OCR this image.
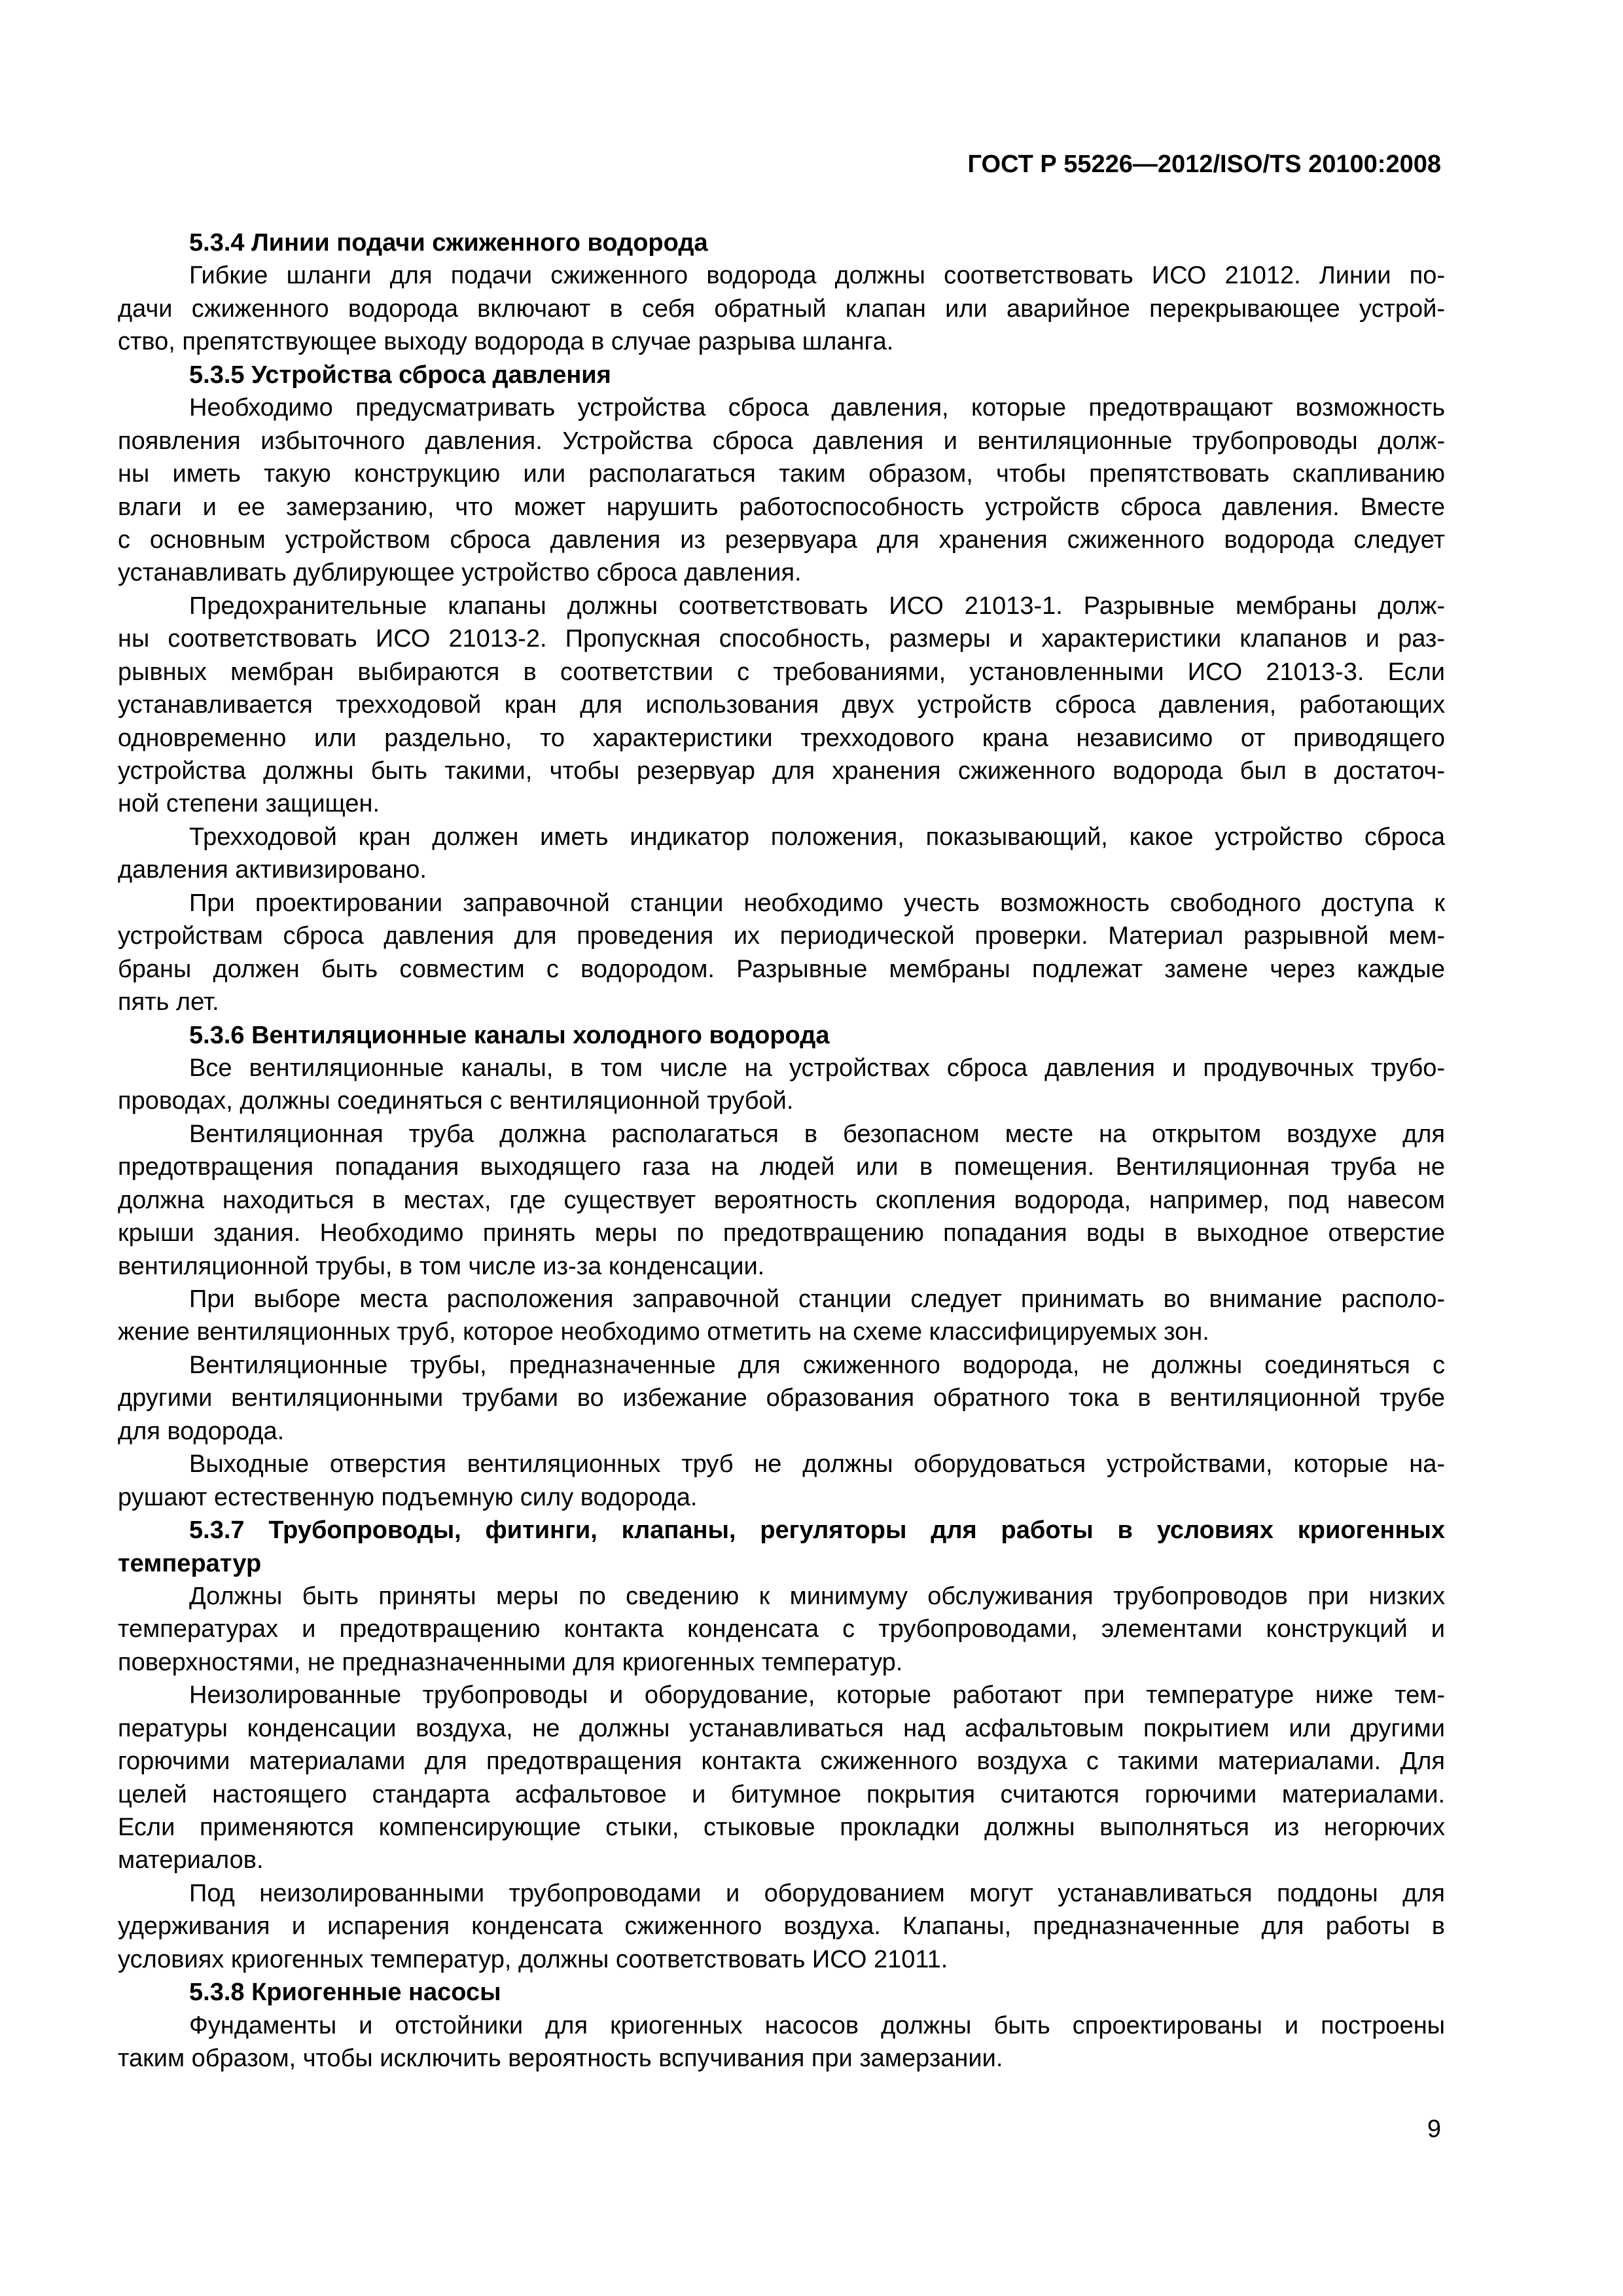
ГОСТ Р 55226—2012/ISO/TS 20100:2008
5.3.4 Линии подачи сжиженного водорода
Гибкие шланги для подачи сжиженного водорода должны соответствовать ИСО 21012. Линии по-
дачи сжиженного водорода включают в себя обратный клапан или аварийное перекрывающее устрой-
ство, препятствующее выходу водорода в случае разрыва шланга.
5.3.5 Устройства сброса давления
Необходимо предусматривать устройства сброса давления, которые предотвращают возможность
появления избыточного давления. Устройства сброса давления и вентиляционные трубопроводы долж-
ны иметь такую конструкцию или располагаться таким образом, чтобы препятствовать скапливанию
влаги и ее замерзанию, что может нарушить работоспособность устройств сброса давления. Вместе
с основным устройством сброса давления из резервуара для хранения сжиженного водорода следует
устанавливать дублирующее устройство сброса давления.
Предохранительные клапаны должны соответствовать ИСО 21013-1. Разрывные мембраны долж-
ны соответствовать ИСО 21013-2. Пропускная способность, размеры и характеристики клапанов и раз-
рывных мембран выбираются в соответствии с требованиями, установленными ИСО 21013-3. Если
устанавливается трехходовой кран для использования двух устройств сброса давления, работающих
одновременно или раздельно, то характеристики трехходового крана независимо от приводящего
устройства должны быть такими, чтобы резервуар для хранения сжиженного водорода был в достаточ-
ной степени защищен.
Трехходовой кран должен иметь индикатор положения, показывающий, какое устройство сброса
давления активизировано.
При проектировании заправочной станции необходимо учесть возможность свободного доступа к
устройствам сброса давления для проведения их периодической проверки. Материал разрывной мем-
браны должен быть совместим с водородом. Разрывные мембраны подлежат замене через каждые
пять лет.
5.3.6 Вентиляционные каналы холодного водорода
Все вентиляционные каналы, в том числе на устройствах сброса давления и продувочных трубо-
проводах, должны соединяться с вентиляционной трубой.
Вентиляционная труба должна располагаться в безопасном месте на открытом воздухе для
предотвращения попадания выходящего газа на людей или в помещения. Вентиляционная труба не
должна находиться в местах, где существует вероятность скопления водорода, например, под навесом
крыши здания. Необходимо принять меры по предотвращению попадания воды в выходное отверстие
вентиляционной трубы, в том числе из-за конденсации.
При выборе места расположения заправочной станции следует принимать во внимание располо-
жение вентиляционных труб, которое необходимо отметить на схеме классифицируемых зон.
Вентиляционные трубы, предназначенные для сжиженного водорода, не должны соединяться с
другими вентиляционными трубами во избежание образования обратного тока в вентиляционной трубе
для водорода.
Выходные отверстия вентиляционных труб не должны оборудоваться устройствами, которые на-
рушают естественную подъемную силу водорода.
5.3.7 Трубопроводы, фитинги, клапаны, регуляторы для работы в условиях криогенных
температур
Должны быть приняты меры по сведению к минимуму обслуживания трубопроводов при низких
температурах и предотвращению контакта конденсата с трубопроводами, элементами конструкций и
поверхностями, не предназначенными для криогенных температур.
Неизолированные трубопроводы и оборудование, которые работают при температуре ниже тем-
пературы конденсации воздуха, не должны устанавливаться над асфальтовым покрытием или другими
горючими материалами для предотвращения контакта сжиженного воздуха с такими материалами. Для
целей настоящего стандарта асфальтовое и битумное покрытия считаются горючими материалами.
Если применяются компенсирующие стыки, стыковые прокладки должны выполняться из негорючих
материалов.
Под неизолированными трубопроводами и оборудованием могут устанавливаться поддоны для
удерживания и испарения конденсата сжиженного воздуха. Клапаны, предназначенные для работы в
условиях криогенных температур, должны соответствовать ИСО 21011.
5.3.8 Криогенные насосы
Фундаменты и отстойники для криогенных насосов должны быть спроектированы и построены
таким образом, чтобы исключить вероятность вспучивания при замерзании.
9
